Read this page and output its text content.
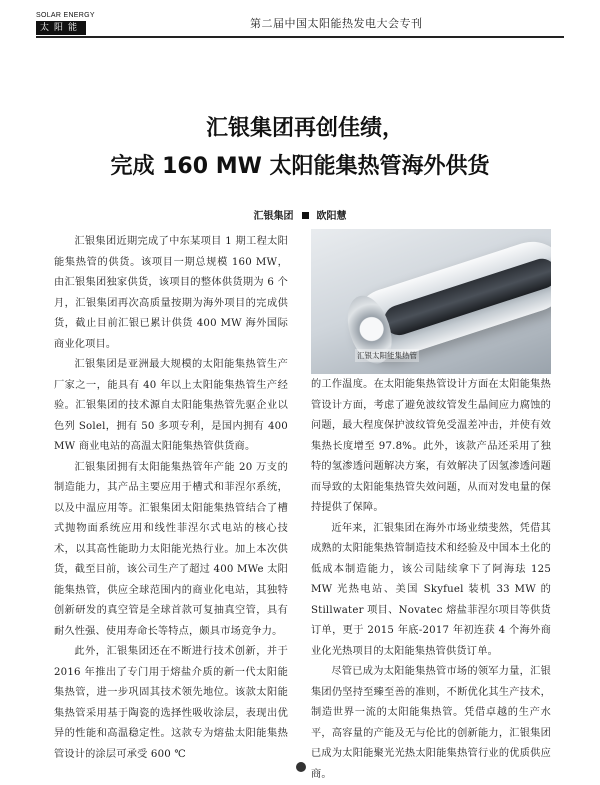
SOLAR ENERGY
太阳能	第二届中国太阳能热发电大会专刊
汇银集团再创佳绩，
完成 160 MW 太阳能集热管海外供货
汇银集团 欧阳慧

汇银集团近期完成了中东某项目 1 期工程太阳能集热管的供货。该项目一期总规模 160 MW，由汇银集团独家供货，该项目的整体供货期为 6 个月，汇银集团再次高质量按期为海外项目的完成供货，截止目前汇银已累计供货 400 MW 海外国际商业化项目。

汇银集团是亚洲最大规模的太阳能集热管生产厂家之一，能具有 40 年以上太阳能集热管生产经验。汇银集团的技术源自太阳能集热管先驱企业以色列 Solel，拥有 50 多项专利，是国内拥有 400 MW 商业电站的高温太阳能集热管供货商。

汇银集团拥有太阳能集热管年产能 20 万支的制造能力，其产品主要应用于槽式和菲涅尔系统，以及中温应用等。汇银集团太阳能集热管结合了槽式抛物面系统应用和线性菲涅尔式电站的核心技术，以其高性能助力太阳能光热行业。加上本次供货，截至目前，该公司生产了超过 400 MWe 太阳能集热管，供应全球范围内的商业化电站，其独特创新研发的真空管是全球首款可复抽真空管，具有耐久性强、使用寿命长等特点，颇具市场竞争力。

此外，汇银集团还在不断进行技术创新，并于 2016 年推出了专门用于熔盐介质的新一代太阳能集热管，进一步巩固其技术领先地位。该款太阳能集热管采用基于陶瓷的选择性吸收涂层，表现出优异的性能和高温稳定性。这款专为熔盐太阳能集热管设计的涂层可承受 600 ℃

汇银太阳能集热管

的工作温度。在太阳能集热管设计方面在太阳能集热管设计方面，考虑了避免波纹管发生晶间应力腐蚀的问题，最大程度保护波纹管免受温差冲击，并使有效集热长度增至 97.8%。此外，该款产品还采用了独特的氢渗透问题解决方案，有效解决了因氢渗透问题而导致的太阳能集热管失效问题，从而对发电量的保持提供了保障。

近年来，汇银集团在海外市场业绩斐然，凭借其成熟的太阳能集热管制造技术和经验及中国本土化的低成本制造能力，该公司陆续拿下了阿海珐 125 MW 光热电站、美国 Skyfuel 装机 33 MW 的 Stillwater 项目、Novatec 熔盐菲涅尔项目等供货订单，更于 2015 年底-2017 年初连获 4 个海外商业化光热项目的太阳能集热管供货订单。

尽管已成为太阳能集热管市场的领军力量，汇银集团仍坚持至臻至善的准则，不断优化其生产技术，制造世界一流的太阳能集热管。凭借卓越的生产水平，高容量的产能及无与伦比的创新能力，汇银集团已成为太阳能聚光光热太阳能集热管行业的优质供应商。
